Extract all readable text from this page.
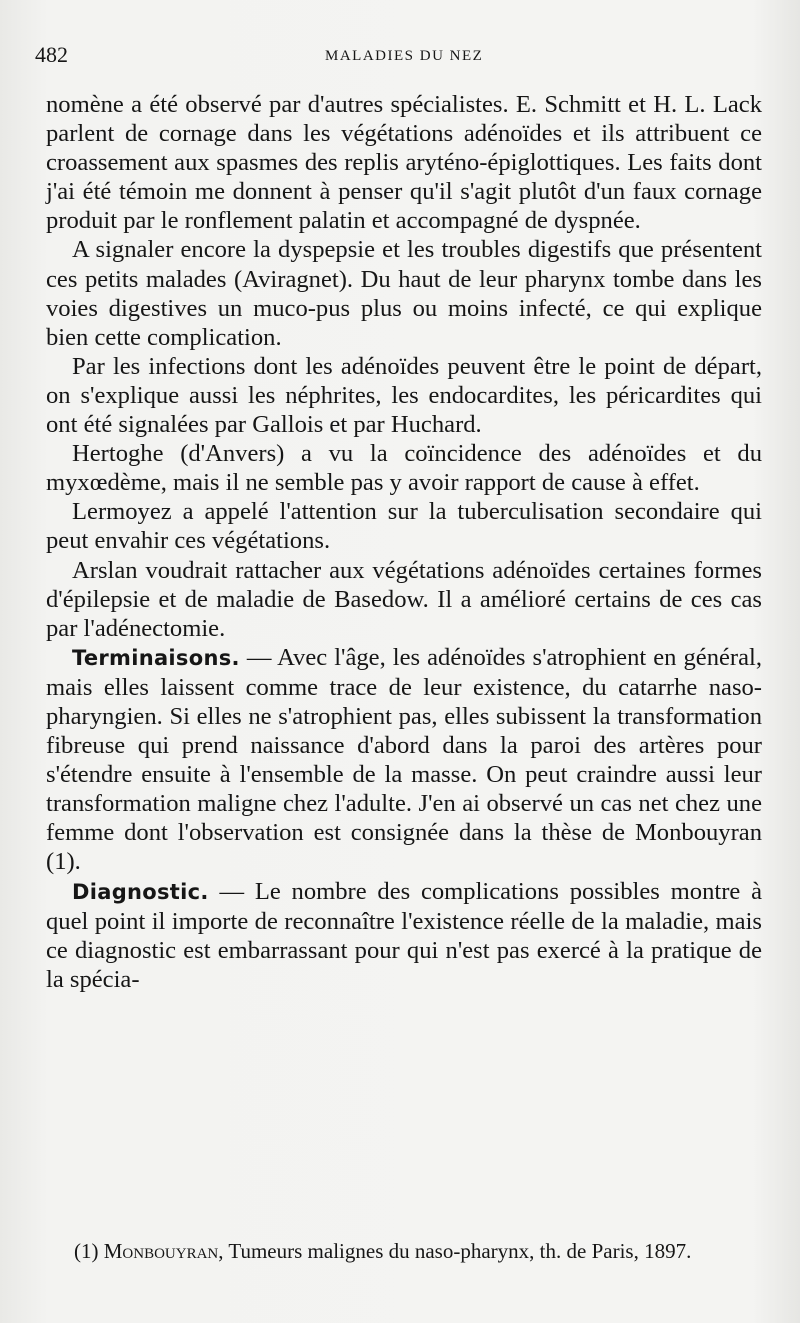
482	MALADIES DU NEZ

nomène a été observé par d'autres spécialistes. E. Schmitt et H. L. Lack parlent de cornage dans les végétations adénoïdes et ils attribuent ce croassement aux spasmes des replis aryténo-épiglottiques. Les faits dont j'ai été témoin me donnent à penser qu'il s'agit plutôt d'un faux cornage produit par le ronflement palatin et accompagné de dyspnée.

A signaler encore la dyspepsie et les troubles digestifs que présentent ces petits malades (Aviragnet). Du haut de leur pharynx tombe dans les voies digestives un muco-pus plus ou moins infecté, ce qui explique bien cette complication.

Par les infections dont les adénoïdes peuvent être le point de départ, on s'explique aussi les néphrites, les endocardites, les péricardites qui ont été signalées par Gallois et par Huchard.

Hertoghe (d'Anvers) a vu la coïncidence des adénoïdes et du myxœdème, mais il ne semble pas y avoir rapport de cause à effet.

Lermoyez a appelé l'attention sur la tuberculisation secondaire qui peut envahir ces végétations.

Arslan voudrait rattacher aux végétations adénoïdes certaines formes d'épilepsie et de maladie de Basedow. Il a amélioré certains de ces cas par l'adénectomie.

Terminaisons. — Avec l'âge, les adénoïdes s'atrophient en général, mais elles laissent comme trace de leur existence, du catarrhe naso-pharyngien. Si elles ne s'atrophient pas, elles subissent la transformation fibreuse qui prend naissance d'abord dans la paroi des artères pour s'étendre ensuite à l'ensemble de la masse. On peut craindre aussi leur transformation maligne chez l'adulte. J'en ai observé un cas net chez une femme dont l'observation est consignée dans la thèse de Monbouyran (1).

Diagnostic. — Le nombre des complications possibles montre à quel point il importe de reconnaître l'existence réelle de la maladie, mais ce diagnostic est embarrassant pour qui n'est pas exercé à la pratique de la spécia-

(1) Monbouyran, Tumeurs malignes du naso-pharynx, th. de Paris, 1897.
